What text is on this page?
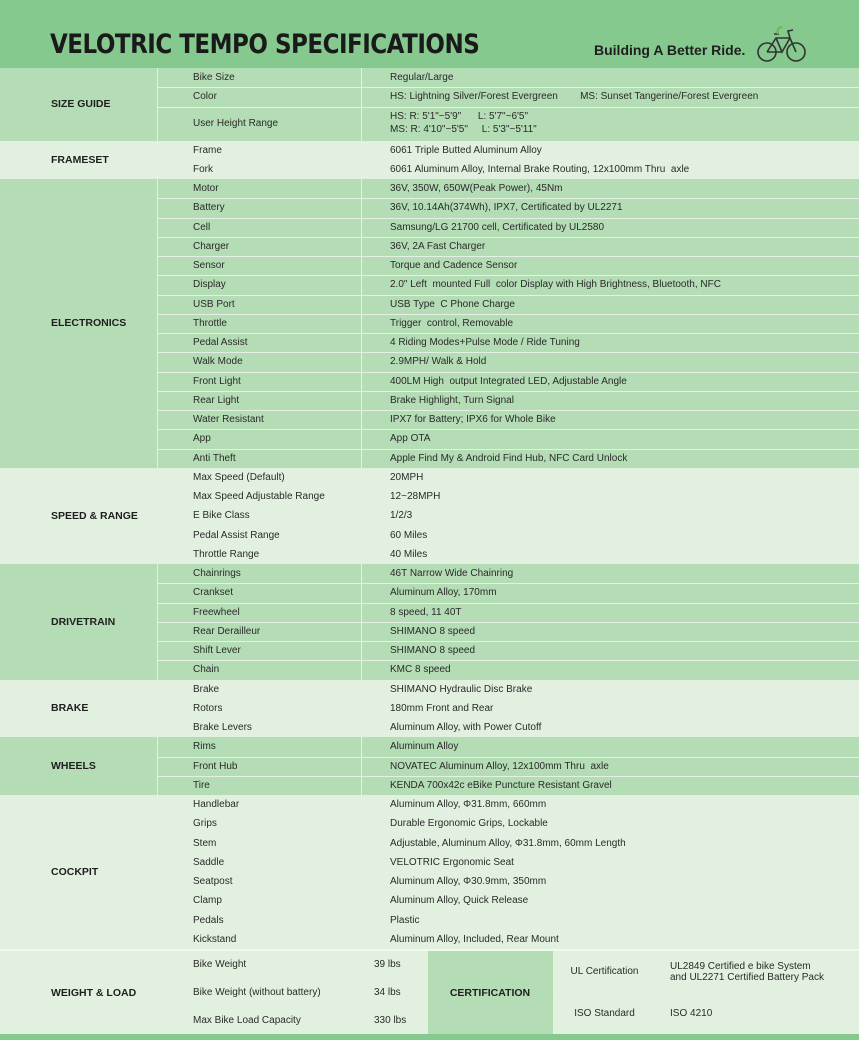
VELOTRIC TEMPO SPECIFICATIONS	Building A Better Ride.
SIZE GUIDE
Bike Size	Regular/Large
Color	HS: Lightning Silver/Forest Evergreen        MS: Sunset Tangerine/Forest Evergreen
User Height Range
HS: R: 5'1"~5'9"      L: 5'7"~6'5"
MS: R: 4'10"~5'5"     L: 5'3"~5'11"
FRAMESET
Frame	6061 Triple Butted Aluminum Alloy
Fork	6061 Aluminum Alloy, Internal Brake Routing, 12x100mm Thru  axle
ELECTRONICS
Motor	36V, 350W, 650W(Peak Power), 45Nm
Battery	36V, 10.14Ah(374Wh), IPX7, Certificated by UL2271
Cell	Samsung/LG 21700 cell, Certificated by UL2580
Charger	36V, 2A Fast Charger
Sensor	Torque and Cadence Sensor
Display	2.0" Left  mounted Full  color Display with High Brightness, Bluetooth, NFC
USB Port	USB Type  C Phone Charge
Throttle	Trigger  control, Removable
Pedal Assist	4 Riding Modes+Pulse Mode / Ride Tuning
Walk Mode	2.9MPH/ Walk & Hold
Front Light	400LM High  output Integrated LED, Adjustable Angle
Rear Light	Brake Highlight, Turn Signal
Water Resistant	IPX7 for Battery; IPX6 for Whole Bike
App	App OTA
Anti Theft	Apple Find My & Android Find Hub, NFC Card Unlock
SPEED & RANGE
Max Speed (Default)	20MPH
Max Speed Adjustable Range	12~28MPH
E Bike Class	1/2/3
Pedal Assist Range	60 Miles
Throttle Range	40 Miles
DRIVETRAIN
Chainrings	46T Narrow Wide Chainring
Crankset	Aluminum Alloy, 170mm
Freewheel	8 speed, 11 40T
Rear Derailleur	SHIMANO 8 speed
Shift Lever	SHIMANO 8 speed
Chain	KMC 8 speed
BRAKE
Brake	SHIMANO Hydraulic Disc Brake
Rotors	180mm Front and Rear
Brake Levers	Aluminum Alloy, with Power Cutoff
WHEELS
Rims	Aluminum Alloy
Front Hub	NOVATEC Aluminum Alloy, 12x100mm Thru  axle
Tire	KENDA 700x42c eBike Puncture Resistant Gravel
COCKPIT
Handlebar	Aluminum Alloy, Φ31.8mm, 660mm
Grips	Durable Ergonomic Grips, Lockable
Stem	Adjustable, Aluminum Alloy, Φ31.8mm, 60mm Length
Saddle	VELOTRIC Ergonomic Seat
Seatpost	Aluminum Alloy, Φ30.9mm, 350mm
Clamp	Aluminum Alloy, Quick Release
Pedals	Plastic
Kickstand	Aluminum Alloy, Included, Rear Mount
WEIGHT & LOAD
Bike Weight	39 lbs
Bike Weight (without battery)	34 lbs
Max Bike Load Capacity	330 lbs
CERTIFICATION
UL Certification	UL2849 Certified e bike System
and UL2271 Certified Battery Pack
ISO Standard	ISO 4210
